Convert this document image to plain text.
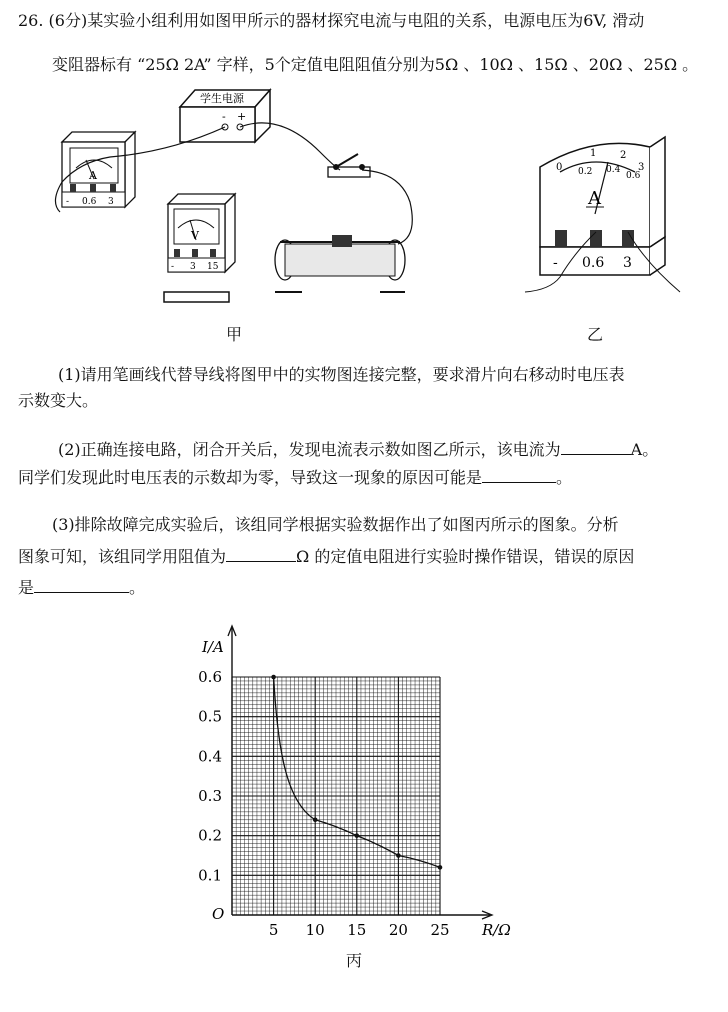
26. (6分)某实验小组利用如图甲所示的器材探究电流与电阻的关系，电源电压为6V, 滑动
变阻器标有 “25Ω 2A” 字样，5个定值电阻阻值分别为5Ω 、10Ω 、15Ω 、20Ω 、25Ω 。
学生电源
- +
A
- 0.6 3
V
- 3 15
甲
0
1 2
3
0.2 0.4
0.6
A
- 0.6 3
乙
(1)请用笔画线代替导线将图甲中的实物图连接完整，要求滑片向右移动时电压表
示数变大。
(2)正确连接电路，闭合开关后，发现电流表示数如图乙所示，该电流为	A。
同学们发现此时电压表的示数却为零，导致这一现象的原因可能是	。
(3)排除故障完成实验后，该组同学根据实验数据作出了如图丙所示的图象。分析
图象可知，该组同学用阻值为	Ω 的定值电阻进行实验时操作错误，错误的原因
是	。
0.1
0.2
0.3
0.4
0.5
0.6
5 10 15 20 25
I/A
R/Ω
O
丙
